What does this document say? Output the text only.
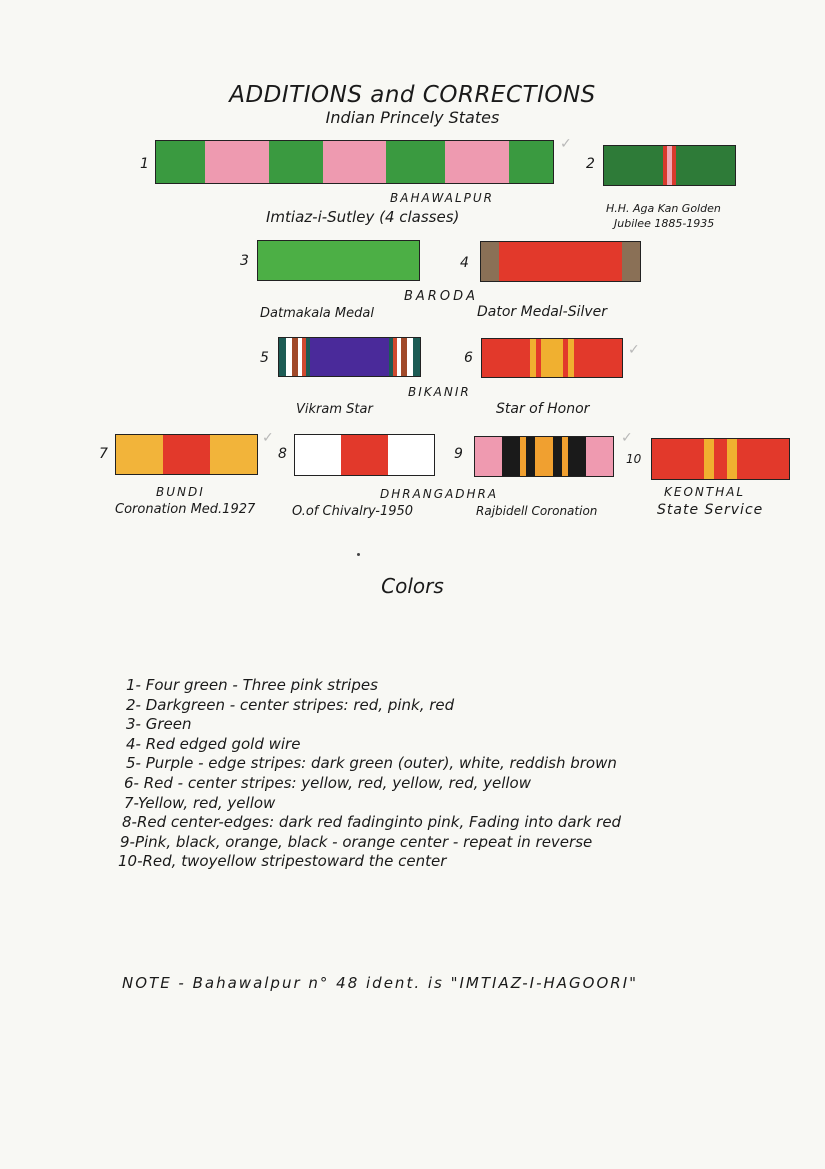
ADDITIONS and CORRECTIONS
Indian Princely States
1
✓
2
BAHAWALPUR
Imtiaz-i-Sutley (4 classes)	H.H. Aga Kan Golden
Jubilee 1885-1935
3	4
BARODA
Datmakala Medal	Dator Medal-Silver
5	6	✓
BIKANIR
Vikram Star	Star of Honor
7
✓
8	9
✓
10
BUNDI
Coronation Med.1927
DHRANGADHRA
O.of Chivalry-1950	Rajbidell Coronation
KEONTHAL
State Service
Colors
1- Four green - Three pink stripes
2- Darkgreen - center stripes: red, pink, red
3- Green
4- Red edged gold wire
5- Purple - edge stripes: dark green (outer), white, reddish brown
6- Red - center stripes: yellow, red, yellow, red, yellow
7-Yellow, red, yellow
8-Red center-edges: dark red fadinginto pink, Fading into dark red
9-Pink, black, orange, black - orange center - repeat in reverse
10-Red, twoyellow stripestoward the center
NOTE - Bahawalpur n° 48 ident. is "IMTIAZ-I-HAGOORI"
